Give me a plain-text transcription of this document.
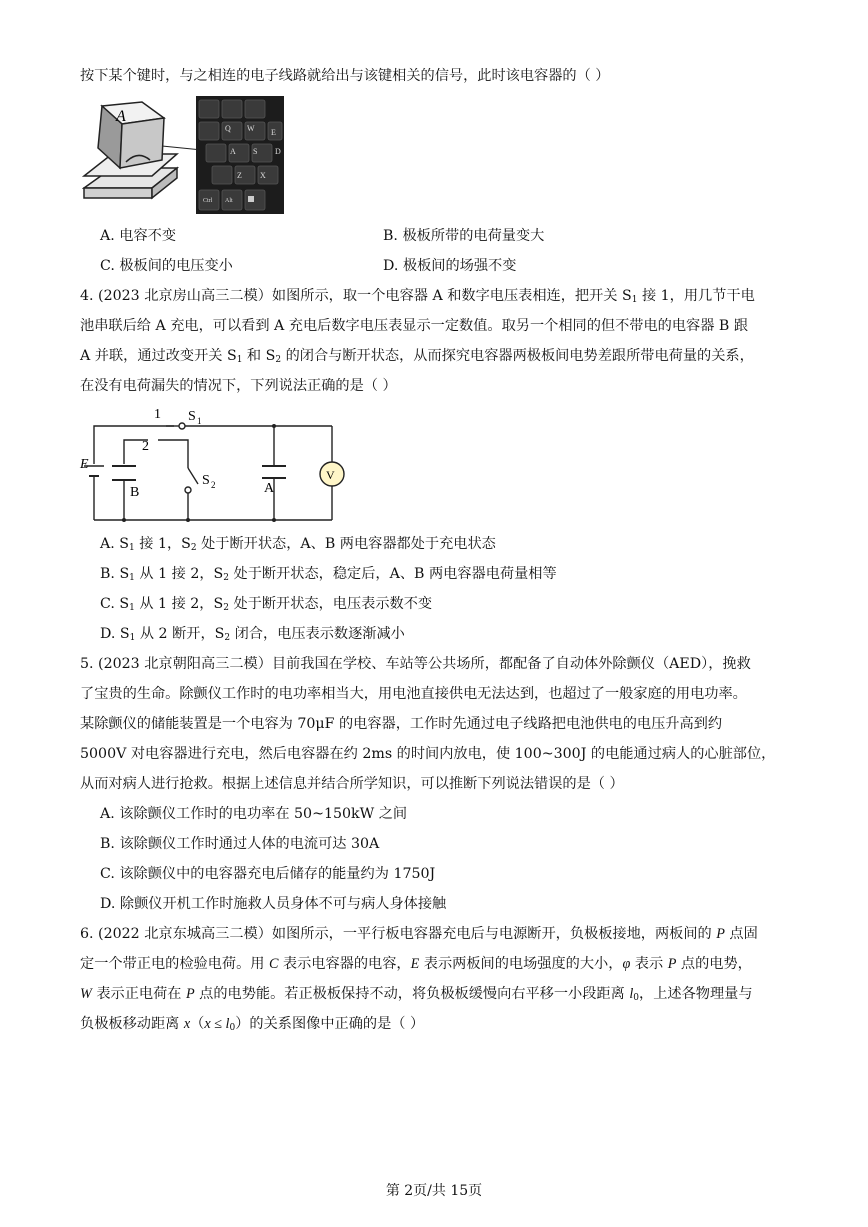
按下某个键时，与之相连的电子线路就给出与该键相关的信号，此时该电容器的（ ）
A
Q W E
A S D
Z X
Ctrl Alt
A. 电容不变	B. 极板所带的电荷量变大
C. 极板间的电压变小	D. 极板间的场强不变
4. (2023 北京房山高三二模）如图所示，取一个电容器 A 和数字电压表相连，把开关 $S_1$ 接 1，用几节干电
池串联后给 A 充电，可以看到 A 充电后数字电压表显示一定数值。取另一个相同的但不带电的电容器 B 跟
A 并联，通过改变开关 $S_1$ 和 $S_2$ 的闭合与断开状态，从而探究电容器两极板间电势差跟所带电荷量的关系，
在没有电荷漏失的情况下，下列说法正确的是（ ）
V
E
1
2
S 1
S 2
B	A
A. $S_1$ 接 1，$S_2$ 处于断开状态，A、B 两电容器都处于充电状态
B. $S_1$ 从 1 接 2，$S_2$ 处于断开状态，稳定后，A、B 两电容器电荷量相等
C. $S_1$ 从 1 接 2，$S_2$ 处于断开状态，电压表示数不变
D. $S_1$ 从 2 断开，$S_2$ 闭合，电压表示数逐渐减小
5. (2023 北京朝阳高三二模）目前我国在学校、车站等公共场所，都配备了自动体外除颤仪（AED），挽救
了宝贵的生命。除颤仪工作时的电功率相当大，用电池直接供电无法达到，也超过了一般家庭的用电功率。
某除颤仪的储能装置是一个电容为 70μF 的电容器，工作时先通过电子线路把电池供电的电压升高到约
5000V 对电容器进行充电，然后电容器在约 2ms 的时间内放电，使 100~300J 的电能通过病人的心脏部位，
从而对病人进行抢救。根据上述信息并结合所学知识，可以推断下列说法错误的是（ ）
A. 该除颤仪工作时的电功率在 50~150kW 之间
B. 该除颤仪工作时通过人体的电流可达 30A
C. 该除颤仪中的电容器充电后储存的能量约为 1750J
D. 除颤仪开机工作时施救人员身体不可与病人身体接触
6. (2022 北京东城高三二模）如图所示，一平行板电容器充电后与电源断开，负极板接地，两板间的 P 点固
定一个带正电的检验电荷。用 C 表示电容器的电容，E 表示两板间的电场强度的大小，φ 表示 P 点的电势，
W 表示正电荷在 P 点的电势能。若正极板保持不动，将负极板缓慢向右平移一小段距离 $l_0$，上述各物理量与
负极板移动距离 $x(x \le l_0)$的关系图像中正确的是（ ）
第 2页/共 15页
